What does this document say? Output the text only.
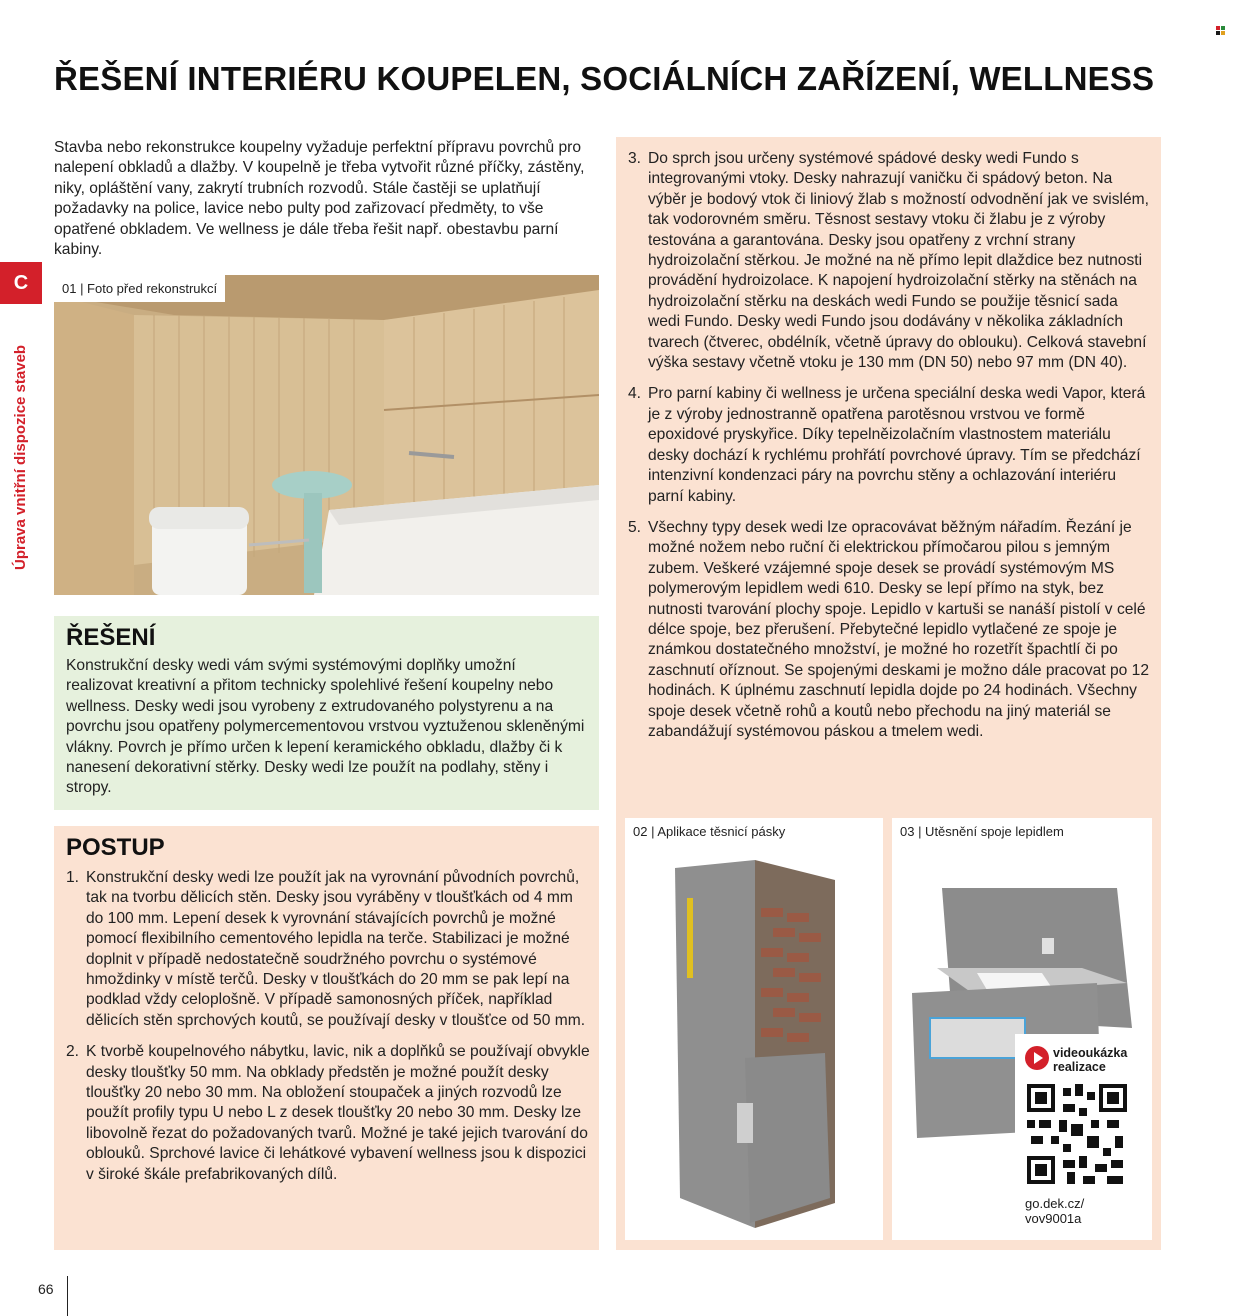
ŘEŠENÍ INTERIÉRU KOUPELEN, SOCIÁLNÍCH ZAŘÍZENÍ, WELLNESS
Stavba nebo rekonstrukce koupelny vyžaduje perfektní přípravu povrchů pro nalepení obkladů a dlažby. V koupelně je třeba vytvořit různé příčky, zástěny, niky, opláštění vany, zakrytí trubních rozvodů. Stále častěji se uplatňují požadavky na police, lavice nebo pulty pod zařizovací předměty, to vše opatřené obkladem. Ve wellness je dále třeba řešit např. obestavbu parní kabiny.
C
Úprava vnitřní dispozice staveb
01 | Foto před rekonstrukcí
ŘEŠENÍ

Konstrukční desky wedi vám svými systémovými doplňky umožní realizovat kreativní a přitom technicky spolehlivé řešení koupelny nebo wellness. Desky wedi jsou vyrobeny z extrudovaného polystyrenu a na povrchu jsou opatřeny polymercementovou vrstvou vyztuženou skleněnými vlákny. Povrch je přímo určen k lepení keramického obkladu, dlažby či k nanesení dekorativní stěrky. Desky wedi lze použít na podlahy, stěny i stropy.

POSTUP
1. Konstrukční desky wedi lze použít jak na vyrovnání původních povrchů, tak na tvorbu dělicích stěn. Desky jsou vyráběny v tloušťkách od 4 mm do 100 mm. Lepení desek k vyrovnání stávajících povrchů je možné pomocí flexibilního cementového lepidla na terče. Stabilizaci je možné doplnit v případě nedostatečně soudržného povrchu o systémové hmoždinky v místě terčů. Desky v tloušťkách do 20 mm se pak lepí na podklad vždy celoplošně. V případě samonosných příček, například dělicích stěn sprchových koutů, se používají desky v tloušťce od 50 mm.
2. K tvorbě koupelnového nábytku, lavic, nik a doplňků se používají obvykle desky tloušťky 50 mm. Na obklady předstěn je možné použít desky tloušťky 20 nebo 30 mm. Na obložení stoupaček a jiných rozvodů lze použít profily typu U nebo L z desek tloušťky 20 nebo 30 mm. Desky lze libovolně řezat do požadovaných tvarů. Možné je také jejich tvarování do oblouků. Sprchové lavice či lehátkové vybavení wellness jsou k dispozici v široké škále prefabrikovaných dílů.
3. Do sprch jsou určeny systémové spádové desky wedi Fundo s integrovanými vtoky. Desky nahrazují vaničku či spádový beton. Na výběr je bodový vtok či liniový žlab s možností odvodnění jak ve svislém, tak vodorovném směru. Těsnost sestavy vtoku či žlabu je z výroby testována a garantována. Desky jsou opatřeny z vrchní strany hydroizolační stěrkou. Je možné na ně přímo lepit dlaždice bez nutnosti provádění hydroizolace. K napojení hydroizolační stěrky na stěnách na hydroizolační stěrku na deskách wedi Fundo se použije těsnicí sada wedi Fundo. Desky wedi Fundo jsou dodávány v několika základních tvarech (čtverec, obdélník, včetně úpravy do oblouku). Celková stavební výška sestavy včetně vtoku je 130 mm (DN 50) nebo 97 mm (DN 40).
4. Pro parní kabiny či wellness je určena speciální deska wedi Vapor, která je z výroby jednostranně opatřena parotěsnou vrstvou ve formě epoxidové pryskyřice. Díky tepelněizolačním vlastnostem materiálu desky dochází k rychlému prohřátí povrchové úpravy. Tím se předchází intenzivní kondenzaci páry na povrchu stěny a ochlazování interiéru parní kabiny.
5. Všechny typy desek wedi lze opracovávat běžným nářadím. Řezání je možné nožem nebo ruční či elektrickou přímočarou pilou s jemným zubem. Veškeré vzájemné spoje desek se provádí systémovým MS polymerovým lepidlem wedi 610. Desky se lepí přímo na styk, bez nutnosti tvarování plochy spoje. Lepidlo v kartuši se nanáší pistolí v celé délce spoje, bez přerušení. Přebytečné lepidlo vytlačené ze spoje je známkou dostatečného množství, je možné ho rozetřít špachtlí či po zaschnutí oříznout. Se spojenými deskami je možno dále pracovat po 12 hodinách. K úplnému zaschnutí lepidla dojde po 24 hodinách. Všechny spoje desek včetně rohů a koutů nebo přechodu na jiný materiál se zabandážují systémovou páskou a tmelem wedi.
02 | Aplikace těsnicí pásky	03 | Utěsnění spoje lepidlem
videoukázka realizace
go.dek.cz/ vov9001a
66
